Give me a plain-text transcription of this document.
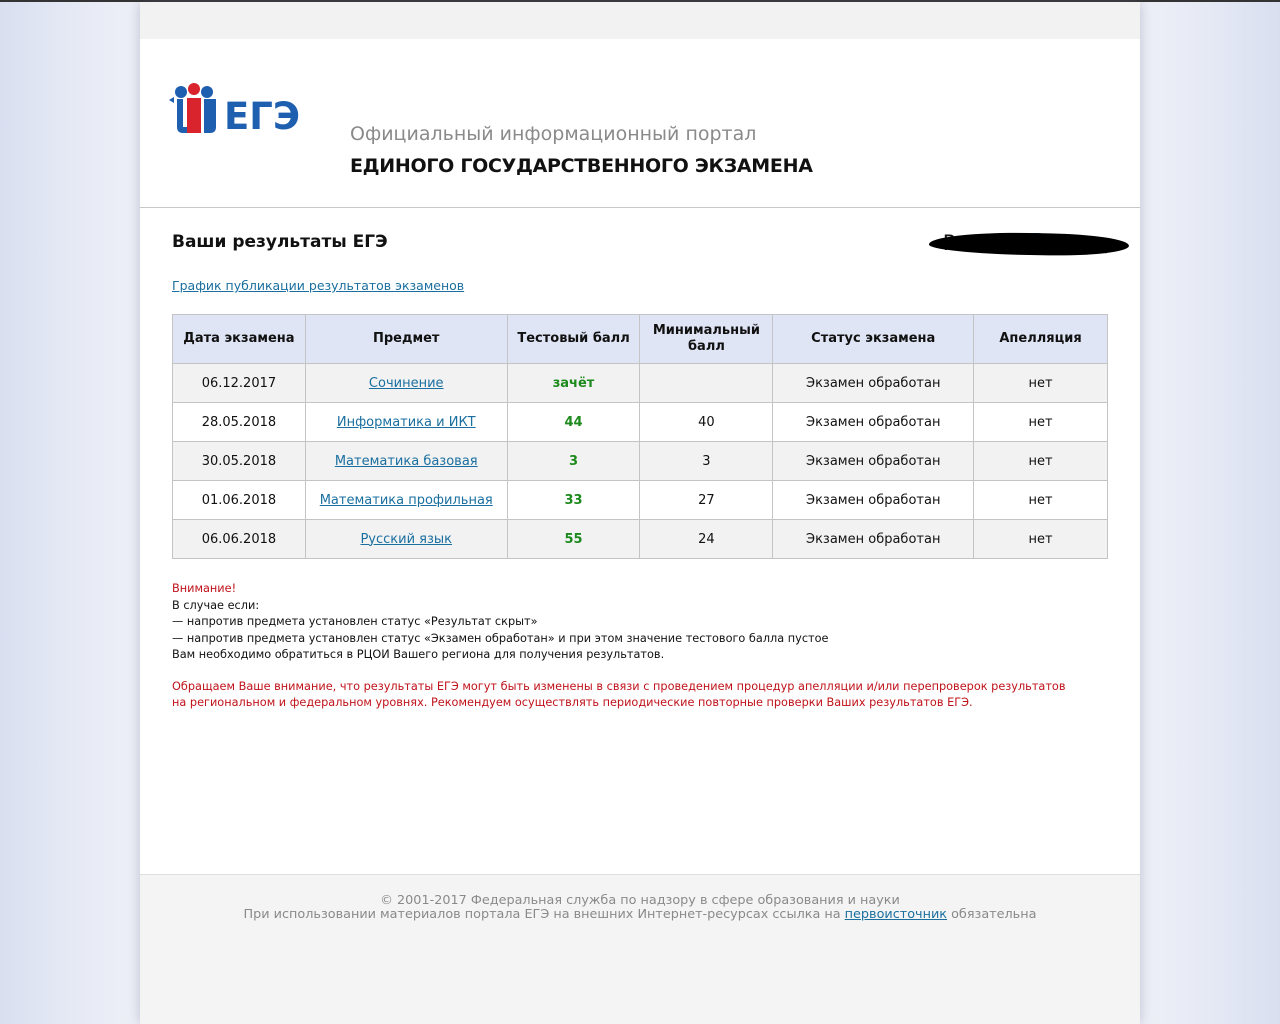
ЕГЭ	Официальный информационный портал
ЕДИНОГО ГОСУДАРСТВЕННОГО ЭКЗАМЕНА
Ваши результаты ЕГЭ
График публикации результатов экзаменов
Дата экзамена	Предмет	Тестовый балл	Минимальный балл	Статус экзамена	Апелляция
06.12.2017	Сочинение	зачёт		Экзамен обработан	нет
28.05.2018	Информатика и ИКТ	44	40	Экзамен обработан	нет
30.05.2018	Математика базовая	3	3	Экзамен обработан	нет
01.06.2018	Математика профильная	33	27	Экзамен обработан	нет
06.06.2018	Русский язык	55	24	Экзамен обработан	нет

Внимание!

В случае если:

— напротив предмета установлен статус «Результат скрыт»

— напротив предмета установлен статус «Экзамен обработан» и при этом значение тестового балла пустое

Вам необходимо обратиться в РЦОИ Вашего региона для получения результатов.

Обращаем Ваше внимание, что результаты ЕГЭ могут быть изменены в связи с проведением процедур апелляции и/или перепроверок результатов

на региональном и федеральном уровнях. Рекомендуем осуществлять периодические повторные проверки Ваших результатов ЕГЭ.

© 2001-2017 Федеральная служба по надзору в сфере образования и науки
При использовании материалов портала ЕГЭ на внешних Интернет-ресурсах ссылка на первоисточник обязательна
